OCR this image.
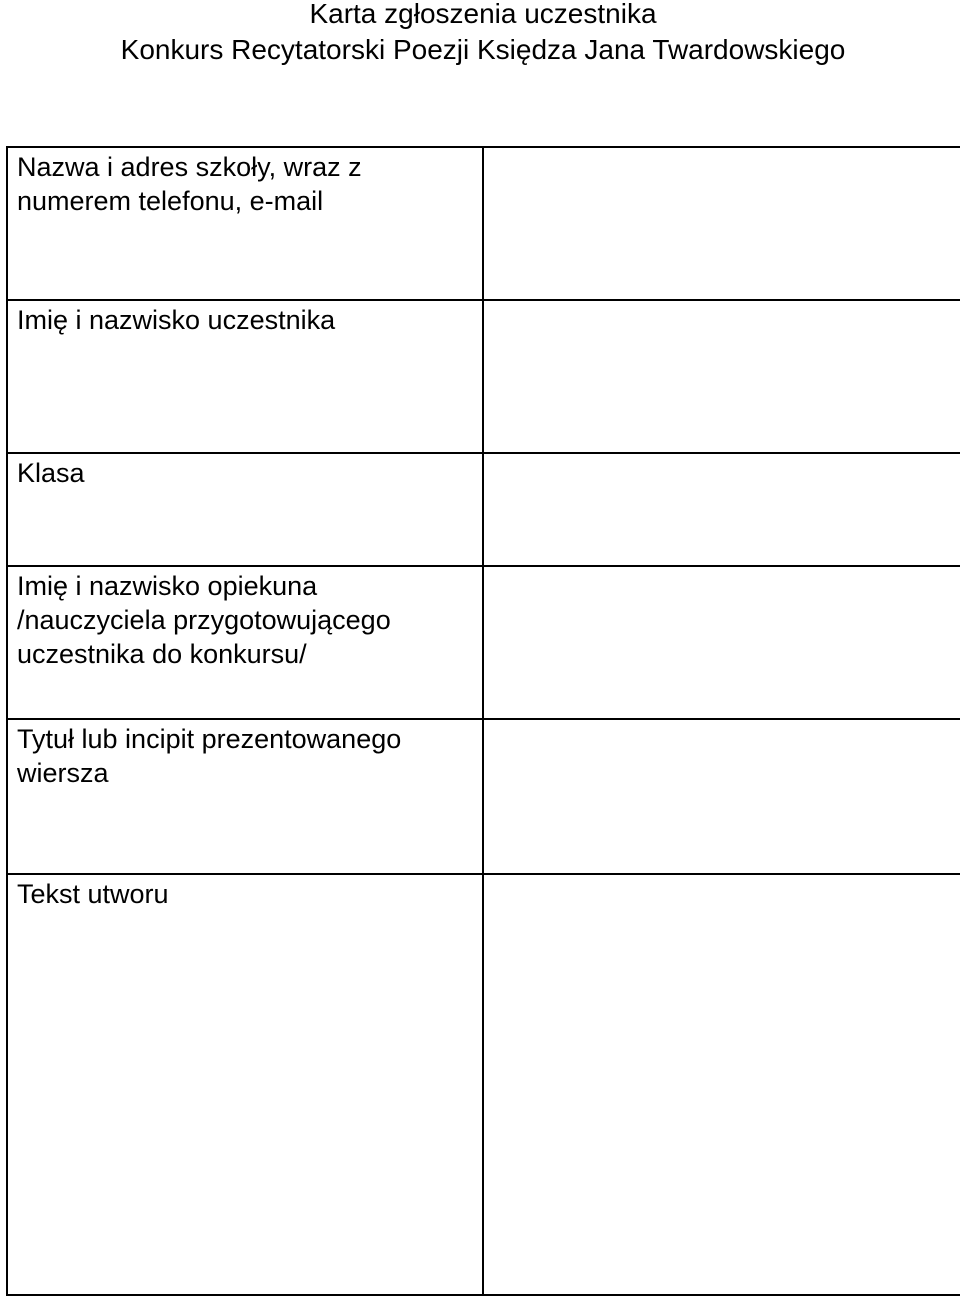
Karta zgłoszenia uczestnika
Konkurs Recytatorski Poezji Księdza Jana Twardowskiego
Nazwa i adres szkoły, wraz z
numerem telefonu, e-mail	

Imię i nazwisko uczestnika	

Klasa	

Imię i nazwisko opiekuna
/nauczyciela przygotowującego
uczestnika do konkursu/	

Tytuł lub incipit prezentowanego
wiersza	

Tekst utworu	
